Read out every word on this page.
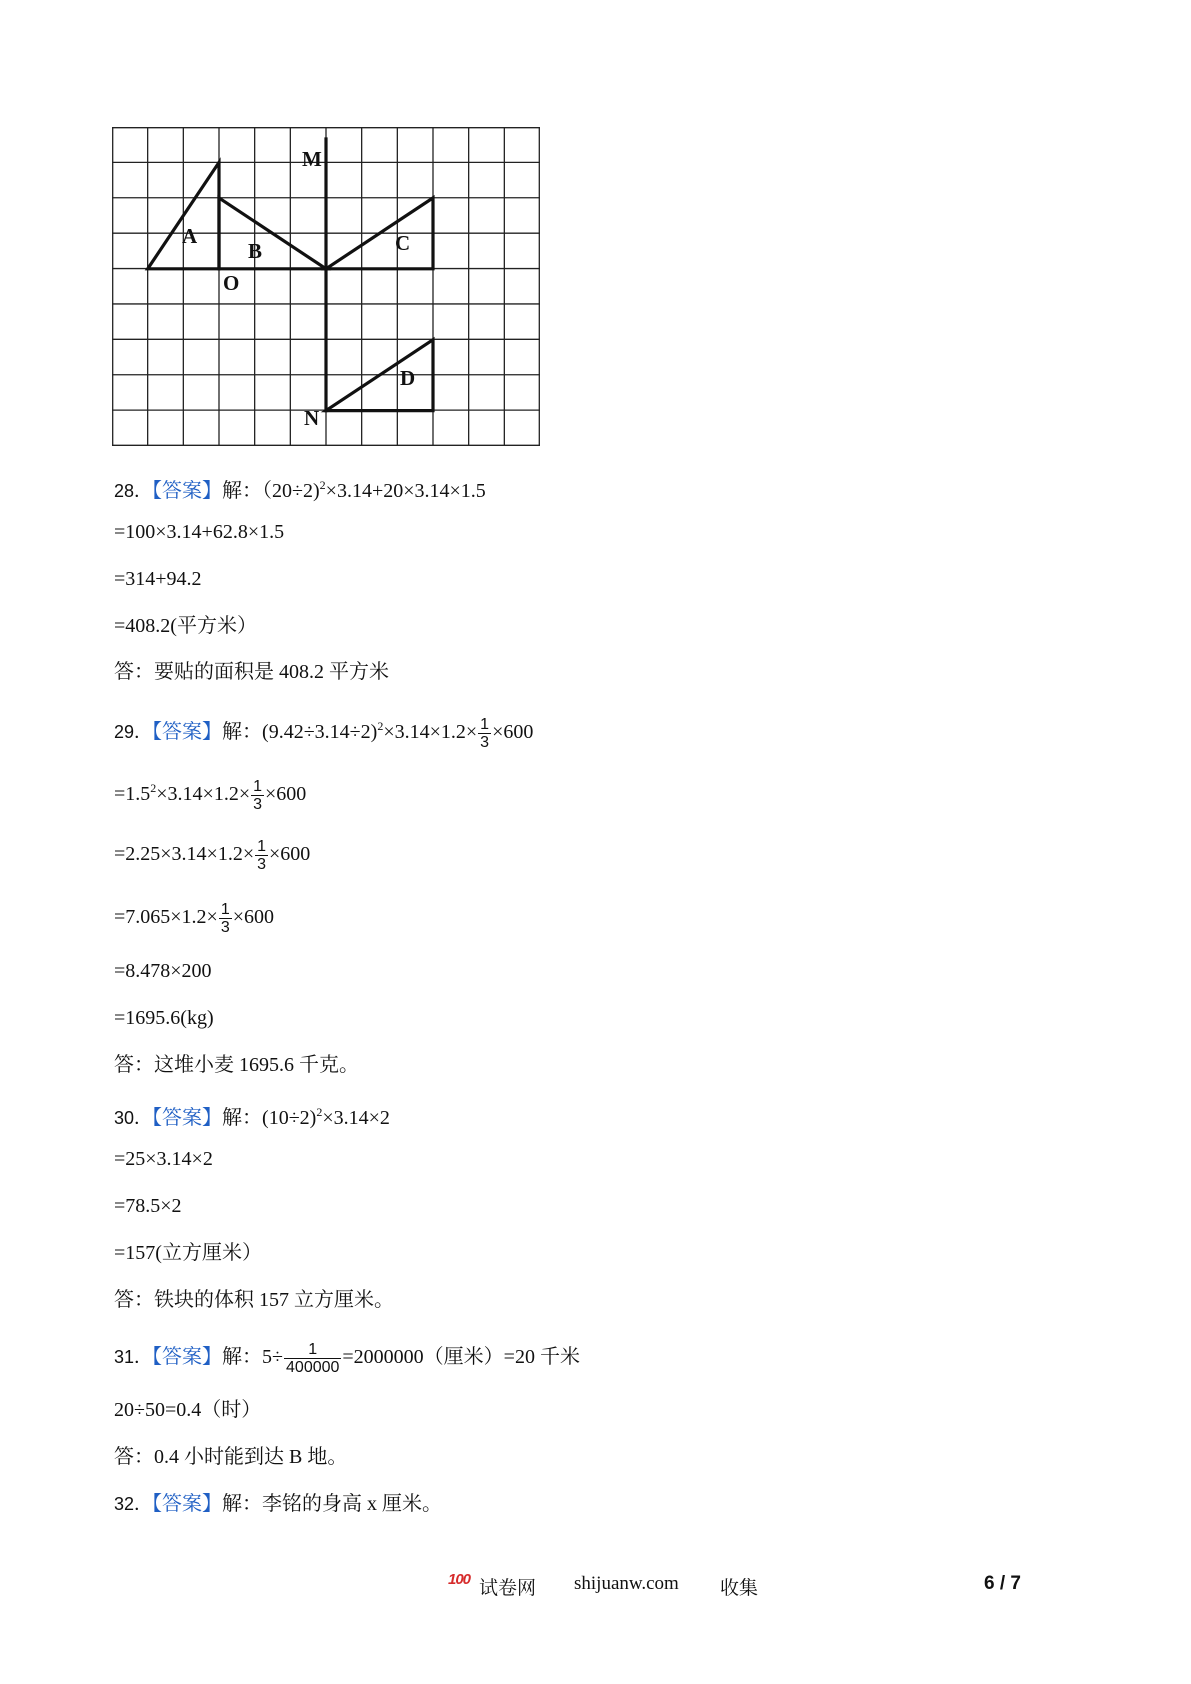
M
A
B	C
O
D
N
28．【答案】解：（20÷2)$^2$×3.14+20×3.14×1.5
=100×3.14+62.8×1.5
=314+94.2
=408.2(平方米）
答：要贴的面积是 408.2 平方米
29．【答案】解：$(9.42\div 3.14\div 2)^2\times 3.14\times 1.2\times \frac{1}{3} \times 600$
$=1.5^2\times 3.14\times 1.2\times \frac{1}{3} \times 600$
$=2.25\times 3.14\times 1.2\times \frac{1}{3} \times 600$
$=7.065\times 1.2\times \frac{1}{3} \times 600$
=8.478×200
=1695.6(kg)
答：这堆小麦 1695.6 千克。
30．【答案】解：$(10\div 2)^2\times 3.14\times 2$
=25×3.14×2
=78.5×2
=157(立方厘米）
答：铁块的体积 157 立方厘米。
31．【答案】解：$5\div \frac{1}{400000} =2000000$（厘米）=20 千米
20÷50=0.4（时）
答：0.4 小时能到达 B 地。
32．【答案】解：李铭的身高 x 厘米。
100 试卷网 shijuanw.com 收集	6 / 7
